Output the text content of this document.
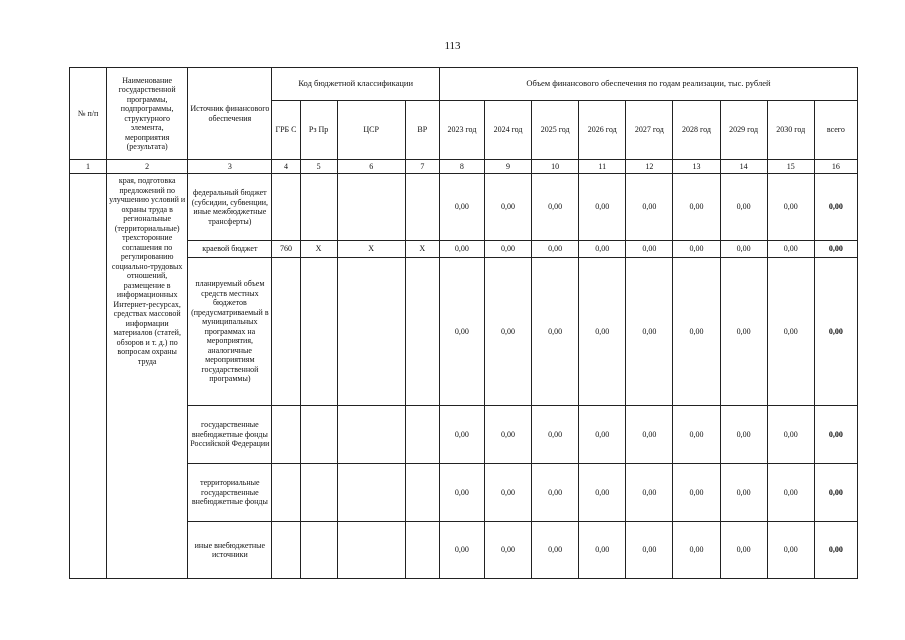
113
№ п/п	Наименование государственной программы, подпрограммы, структурного элемента, мероприятия (результата)	Источник финансового обеспечения	Код бюджетной классификации				Объем финансового обеспечения по годам реализации, тыс. рублей								
			ГРБ С	Рз Пр	ЦСР	ВР	2023 год	2024 год	2025 год	2026 год	2027 год	2028 год	2029 год	2030 год	всего
1	2	3	4	5	6	7	8	9	10	11	12	13	14	15	16
	края, подготовка предложений по улучшению условий и охраны труда в региональные (территориальные) трехсторонние соглашения по регулированию социально-трудовых отношений, размещение в информационных Интернет-ресурсах, средствах массовой информации материалов (статей, обзоров и т. д.) по вопросам охраны труда	федеральный бюджет (субсидии, субвенции, иные межбюджетные трансферты)					0,00	0,00	0,00	0,00	0,00	0,00	0,00	0,00	0,00
		краевой бюджет	760	X	X	X	0,00	0,00	0,00	0,00	0,00	0,00	0,00	0,00	0,00
		планируемый объем средств местных бюджетов (предусматриваемый в муниципальных программах на мероприятия, аналогичные мероприятиям государственной программы)					0,00	0,00	0,00	0,00	0,00	0,00	0,00	0,00	0,00
		государственные внебюджетные фонды Российской Федерации					0,00	0,00	0,00	0,00	0,00	0,00	0,00	0,00	0,00
		территориальные государственные внебюджетные фонды					0,00	0,00	0,00	0,00	0,00	0,00	0,00	0,00	0,00
		иные внебюджетные источники					0,00	0,00	0,00	0,00	0,00	0,00	0,00	0,00	0,00
